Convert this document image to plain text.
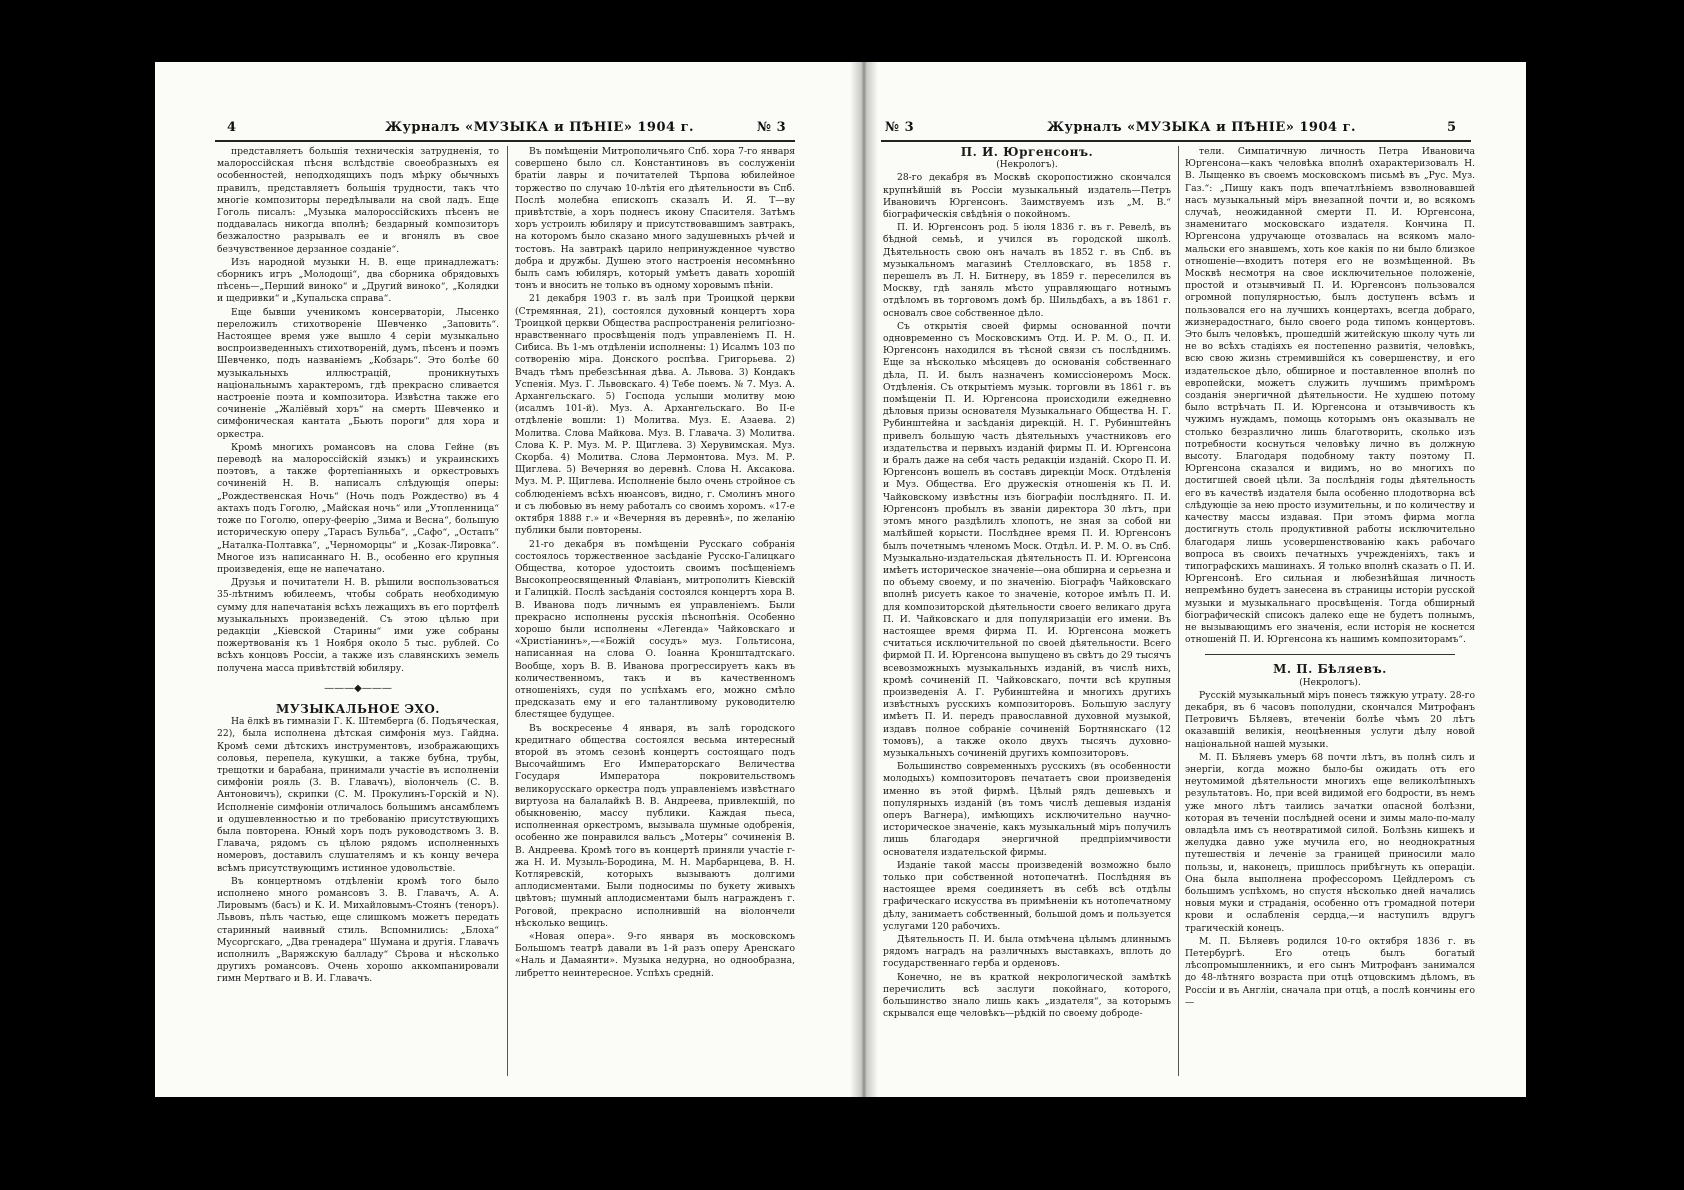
4	Журналъ «МУЗЫКА и ПѢНІЕ» 1904 г.	№ 3

представляетъ большія техническія затрудненія, то малороссійская пѣсня вслѣдствіе своеобразныхъ ея особенностей, неподходящихъ подъ мѣрку обычныхъ правилъ, представляетъ большія трудности, такъ что многіе композиторы передѣлывали на свой ладъ. Еще Гоголь писалъ: „Музыка малороссійскихъ пѣсенъ не поддавалась никогда вполнѣ; бездарный композиторъ безжалостно разрывалъ ее и вгонялъ въ свое безчувственное дерзанное созданіе“.

Изъ народной музыки Н. В. еще принадлежатъ: сборникъ игръ „Молодощі“, два сборника обрядовыхъ пѣсень—„Перший виноко“ и „Другий виноко“, „Колядки и щедривки“ и „Купальска справа“.

Еще бывши ученикомъ консерваторіи, Лысенко переложилъ стихотвореніе Шевченко „Заповить“. Настоящее время уже вышло 4 серіи музыкально воспроизведенныхъ стихотвореній, думъ, пѣсенъ и поэмъ Шевченко, подъ названіемъ „Кобзарь“. Это болѣе 60 музыкальныхъ иллюстрацій, проникнутыхъ національнымъ характеромъ, гдѣ прекрасно сливается настроеніе поэта и композитора. Извѣстна также его сочиненіе „Жаліёвый хоръ“ на смерть Шевченко и симфоническая кантата „Бьють пороги“ для хора и оркестра.

Кромѣ многихъ романсовъ на слова Гейне (въ переводѣ на малороссійскій языкъ) и украинскихъ поэтовъ, а также фортепіанныхъ и оркестровыхъ сочиненій Н. В. написалъ слѣдующія оперы: „Рождественская Ночь“ (Ночь подъ Рождество) въ 4 актахъ подъ Гоголю, „Майская ночь“ или „Утопленница“ тоже по Гоголю, оперу-феерію „Зима и Весна“, большую историческую оперу „Тарасъ Бульба“, „Сафо“, „Остапъ“ „Наталка-Полтавка“, „Черноморцы“ и „Козак-Лировка“. Многое изъ написаннаго Н. В., особенно его крупныя произведенія, еще не напечатано.

Друзья и почитатели Н. В. рѣшили воспользоваться 35-лѣтнимъ юбилеемъ, чтобы собрать необходимую сумму для напечатанія всѣхъ лежащихъ въ его портфелѣ музыкальныхъ произведеній. Съ этою цѣлью при редакціи „Кіевской Старины“ ими уже собраны пожертвованія къ 1 Ноября около 5 тыс. рублей. Со всѣхъ концовъ Россіи, а также изъ славянскихъ земель получена масса привѣтствій юбиляру.

———◆———

МУЗЫКАЛЬНОЕ ЭХО.

На ёлкѣ въ гимназіи Г. К. Штемберга (б. Подъяческая, 22), была исполнена дѣтская симфонія муз. Гайдна. Кромѣ семи дѣтскихъ инструментовъ, изображающихъ соловья, перепела, кукушки, а также бубна, трубы, трещотки и барабана, принимали участіе въ исполненіи симфоніи рояль (З. В. Главачъ), віолончель (С. В. Антоновичъ), скрипки (С. М. Прокулинъ-Горскій и N). Исполненіе симфоніи отличалось большимъ ансамблемъ и одушевленностью и по требованію присутствующихъ была повторена. Юный хоръ подъ руководствомъ З. В. Главача, рядомъ съ цѣлою рядомъ исполненныхъ номеровъ, доставилъ слушателямъ и къ концу вечера всѣмъ присутствующимъ истинное удовольствіе.

Въ концертномъ отдѣленіи кромѣ того было исполнено много романсовъ З. В. Главачъ, А. А. Лировымъ (басъ) и К. И. Михайловымъ-Стоянъ (теноръ). Львовъ, пѣлъ частью, еще слишкомъ можетъ передать старинный наивный стиль. Вспомнились: „Блоха“ Мусоргскаго, „Два гренадера“ Шумана и другія. Главачъ исполнилъ „Варяжскую балладу“ Сѣрова и нѣсколько другихъ романсовъ. Очень хорошо аккомпанировали гимн Мертваго и В. И. Главачъ.

Въ помѣщеніи Митрополичьяго Спб. хора 7-го января совершено было сл. Константиновъ въ сослуженіи братіи лавры и почитателей Тѣрпова юбилейное торжество по случаю 10-лѣтія его дѣятельности въ Спб. Послѣ молебна епископъ сказалъ И. Я. Т—ву привѣтствіе, а хоръ поднесъ икону Спасителя. Затѣмъ хоръ устроилъ юбиляру и присутствовавшимъ завтракъ, на которомъ было сказано много задушевныхъ рѣчей и тостовъ. На завтракѣ царило непринужденное чувство добра и дружбы. Душею этого настроенія несомнѣнно былъ самъ юбиляръ, который умѣетъ давать хорошій тонъ и вносить не только въ одному хоровымъ пѣніи.

21 декабря 1903 г. въ залѣ при Троицкой церкви (Стремянная, 21), состоялся духовный концертъ хора Троицкой церкви Общества распространенія религіозно-нравственнаго просвѣщенія подъ управленіемъ П. Н. Сибиса. Въ 1-мъ отдѣленіи исполнены: 1) Исалмъ 103 по сотворенію міра. Донского роспѣва. Григорьева. 2) Вчадъ тѣмъ пребезсѣнная дѣва. А. Львова. 3) Кондакъ Успенія. Муз. Г. Львовскаго. 4) Тебе поемъ. № 7. Муз. А. Архангельскаго. 5) Господа услыши молитву мою (исалмъ 101-й). Муз. А. Архангельскаго. Во II-е отдѣленіе вошли: 1) Молитва. Муз. Е. Азаева. 2) Молитва. Слова Майкова. Муз. В. Главача. 3) Молитва. Слова К. Р. Муз. М. Р. Щиглева. 3) Херувимская. Муз. Скорба. 4) Молитва. Слова Лермонтова. Муз. М. Р. Щиглева. 5) Вечерняя во деревнѣ. Слова Н. Аксакова. Муз. М. Р. Щиглева. Исполненіе было очень стройное съ соблюденіемъ всѣхъ нюансовъ, видно, г. Смолинъ много и съ любовью въ нему работалъ со своимъ хоромъ. «17-е октября 1888 г.» и «Вечерняя въ деревнѣ», по желанію публики были повторены.

21-го декабря въ помѣщеніи Русскаго собранія состоялось торжественное засѣданіе Русско-Галицкаго Общества, которое удостоить своимъ посѣщеніемъ Высокопреосвященный Флавіанъ, митрополитъ Кіевскій и Галицкій. Послѣ засѣданія состоялся концертъ хора В. В. Иванова подъ личнымъ ея управленіемъ. Были прекрасно исполнены русскія пѣснопѣнія. Особенно хорошо были исполнены «Легенда» Чайковскаго и «Христіанинъ»,—«Божій сосудъ» муз. Гольтисона, написанная на слова О. Іоанна Кронштадтскаго. Вообще, хоръ В. В. Иванова прогрессируетъ какъ въ количественномъ, такъ и въ качественномъ отношеніяхъ, судя по успѣхамъ его, можно смѣло предсказать ему и его талантливому руководителю блестящее будущее.

Въ воскресенье 4 января, въ залѣ городского кредитнаго общества состоялся весьма интересный второй въ этомъ сезонѣ концертъ состоящаго подъ Высочайшимъ Его Императорскаго Величества Государя Императора покровительствомъ великорусскаго оркестра подъ управленіемъ извѣстнаго виртуоза на балалайкѣ В. В. Андреева, привлекшій, по обыкновенію, массу публики. Каждая пьеса, исполненная оркестромъ, вызывала шумные одобренія, особенно же понравился вальсъ „Мотеры“ сочиненія В. В. Андреева. Кромѣ того въ концертѣ приняли участіе г-жа Н. И. Музыль-Бородина, М. Н. Марбарнцева, В. Н. Котляревскій, которыхъ вызываютъ долгими аплодисментами. Были подносимы по букету живыхъ цвѣтовъ; шумный аплодисментами былъ награжденъ г. Роговой, прекрасно исполнившій на віолончели нѣсколько вещицъ.

«Новая опера». 9-го января въ московскомъ Большомъ театрѣ давали въ 1-й разъ оперу Аренскаго «Наль и Дамаянти». Музыка недурна, но однообразна, либретто неинтересное. Успѣхъ средній.

№ 3	Журналъ «МУЗЫКА и ПѢНІЕ» 1904 г.	5

П. И. Юргенсонъ.

(Некрологъ).

28-го декабря въ Москвѣ скоропостижно скончался крупнѣйшій въ Россіи музыкальный издатель—Петръ Ивановичъ Юргенсонъ. Заимствуемъ изъ „М. В.“ біографическія свѣдѣнія о покойномъ.

П. И. Юргенсонъ род. 5 іюля 1836 г. въ г. Ревелѣ, въ бѣдной семьѣ, и учился въ городской школѣ. Дѣятельность свою онъ началъ въ 1852 г. въ Спб. въ музыкальномъ магазинѣ Стелловскаго, въ 1858 г. перешелъ въ Л. Н. Битнеру, въ 1859 г. переселился въ Москву, гдѣ заняль мѣсто управляющаго нотнымъ отдѣломъ въ торговомъ домѣ бр. Шильдбахъ, а въ 1861 г. основалъ свое собственное дѣло.

Съ открытія своей фирмы основанной почти одновременно съ Московскимъ Отд. И. Р. М. О., П. И. Юргенсонъ находился въ тѣсной связи съ послѣднимъ. Еще за нѣсколько мѣсяцевъ до основанія собственнаго дѣла, П. И. былъ назначенъ комиссіонеромъ Моск. Отдѣленія. Съ открытіемъ музык. торговли въ 1861 г. въ помѣщеніи П. И. Юргенсона происходили ежедневно дѣловыя призы основателя Музыкальнаго Общества Н. Г. Рубинштейна и засѣданія дирекцій. Н. Г. Рубинштейнъ привелъ большую часть дѣятельныхъ участниковъ его издательства и первыхъ изданій фирмы П. И. Юргенсона и бралъ даже на себя часть редакціи изданій. Скоро П. И. Юргенсонъ вошелъ въ составъ дирекціи Моск. Отдѣленія и Муз. Общества. Его дружескія отношенія къ П. И. Чайковскому извѣстны изъ біографіи послѣдняго. П. И. Юргенсонъ пробылъ въ званіи директора 30 лѣтъ, при этомъ много раздѣлилъ хлопотъ, не зная за собой ни малѣйшей корысти. Послѣднее время П. И. Юргенсонъ былъ почетнымъ членомъ Моск. Отдѣл. И. Р. М. О. въ Спб. Музыкально-издательская дѣятельность П. И. Юргенсона имѣетъ историческое значеніе—она обширна и серьезна и по объему своему, и по значенію. Біографъ Чайковскаго вполнѣ рисуетъ какое то значеніе, которое имѣлъ П. И. для композиторской дѣятельности своего великаго друга П. И. Чайковскаго и для популяризаціи его имени. Въ настоящее время фирма П. И. Юргенсона можетъ считаться исключительной по своей дѣятельности. Всего фирмой П. И. Юргенсона выпущено въ свѣтъ до 29 тысячъ всевозможныхъ музыкальныхъ изданій, въ числѣ нихъ, кромѣ сочиненій П. Чайковскаго, почти всѣ крупныя произведенія А. Г. Рубинштейна и многихъ другихъ извѣстныхъ русскихъ композиторовъ. Большую заслугу имѣетъ П. И. передъ православной духовной музыкой, издавъ полное собраніе сочиненій Бортнянскаго (12 томовъ), а также около двухъ тысячъ духовно-музыкальныхъ сочиненій другихъ композиторовъ.

Большинство современныхъ русскихъ (въ особенности молодыхъ) композиторовъ печатаетъ свои произведенія именно въ этой фирмѣ. Цѣлый рядъ дешевыхъ и популярныхъ изданій (въ томъ числѣ дешевыя изданія оперъ Вагнера), имѣющихъ исключительно научно-историческое значеніе, какъ музыкальный міръ получилъ лишь благодаря энергичной предпріимчивости основателя издательской фирмы.

Изданіе такой массы произведеній возможно было только при собственной нотопечатнѣ. Послѣдняя въ настоящее время соединяетъ въ себѣ всѣ отдѣлы графическаго искусства въ примѣненіи къ нотопечатному дѣлу, занимаетъ собственный, большой домъ и пользуется услугами 120 рабочихъ.

Дѣятельность П. И. была отмѣчена цѣлымъ длиннымъ рядомъ наградъ на различныхъ выставкахъ, вплоть до государственнаго герба и орденовъ.

Конечно, не въ краткой некрологической замѣткѣ перечислить всѣ заслуги покойнаго, которого, большинство знало лишь какъ „издателя“, за которымъ скрывался еще человѣкъ—рѣдкій по своему доброде-

тели. Симпатичную личность Петра Ивановича Юргенсона—какъ человѣка вполнѣ охарактеризовалъ Н. В. Лыщенко въ своемъ московскомъ письмѣ въ „Рус. Муз. Газ.“: „Пишу какъ подъ впечатлѣніемъ взволновавшей насъ музыкальный міръ внезапной почти и, во всякомъ случаѣ, неожиданной смерти П. И. Юргенсона, знаменитаго московскаго издателя. Кончина П. Юргенсона удручающе отозвалась на всякомъ мало-мальски его знавшемъ, хоть кое какія по ни было близкое отношеніе—входитъ потеря его не возмѣщенной. Въ Москвѣ несмотря на свое исключительное положеніе, простой и отзывчивый П. И. Юргенсонъ пользовался огромной популярностью, былъ доступенъ всѣмъ и пользовался его на лучшихъ концертахъ, всегда добраго, жизнерадостнаго, было своего рода типомъ концертовъ. Это былъ человѣкъ, прошедшій житейскую школу чуть ли не во всѣхъ стадіяхъ ея постепенно развитія, человѣкъ, всю свою жизнь стремившійся къ совершенству, и его издательское дѣло, обширное и поставленное вполнѣ по европейски, можетъ служить лучшимъ примѣромъ созданія энергичной дѣятельности. Не худшею потому было встрѣчать П. И. Юргенсона и отзывчивость къ чужимъ нуждамъ, помощь которымъ онъ оказывалъ не столько безразлично лишь благотворить, сколько изъ потребности коснуться человѣку лично въ должную высоту. Благодаря подобному такту поэтому П. Юргенсона сказался и видимъ, но во многихъ по достигшей своей цѣли. За послѣднія годы дѣятельность его въ качествѣ издателя была особенно плодотворна всѣ слѣдующіе за нею просто изумительны, и по количеству и качеству массы издавая. При этомъ фирма могла достигнуть столь продуктивной работы исключительно благодаря лишь усовершенствованію какъ рабочаго вопроса въ своихъ печатныхъ учрежденіяхъ, такъ и типографскихъ машинахъ. Я только вполнѣ сказать о П. И. Юргенсонѣ. Его сильная и любезнѣйшая личность непремѣнно будетъ занесена въ страницы исторіи русской музыки и музыкальнаго просвѣщенія. Тогда обширный біографическій списокъ далеко еще не будетъ полнымъ, не вызывающимъ его значенія, если исторія не коснется отношеній П. И. Юргенсона къ нашимъ композиторамъ“.

М. П. Бѣляевъ.

(Некрологъ).

Русскій музыкальный міръ понесъ тяжкую утрату. 28-го декабря, въ 6 часовъ пополудни, скончался Митрофанъ Петровичъ Бѣляевъ, втеченіи болѣе чѣмъ 20 лѣтъ оказавшій великія, неоцѣненныя услуги дѣлу новой національной нашей музыки.

М. П. Бѣляевъ умеръ 68 почти лѣтъ, въ полнѣ силъ и энергіи, когда можно было-бы ожидать отъ его неутомимой дѣятельности многихъ еще великолѣпныхъ результатовъ. Но, при всей видимой его бодрости, въ немъ уже много лѣтъ таились зачатки опасной болѣзни, которая въ теченіи послѣдней осени и зимы мало-по-малу овладѣла имъ съ неотвратимой силой. Болѣзнь кишекъ и желудка давно уже мучила его, но неоднократныя путешествія и леченіе за границей приносили мало пользы, и, наконецъ, пришлось прибѣгнуть къ операціи. Она была выполнена профессоромъ Цейдлеромъ съ большимъ успѣхомъ, но спустя нѣсколько дней начались новыя муки и страданія, особенно отъ громадной потери крови и ослабленія сердца,—и наступилъ вдругъ трагическій конецъ.

М. П. Бѣляевъ родился 10-го октября 1836 г. въ Петербургѣ. Его отецъ былъ богатый лѣсопромышленникъ, и его сынъ Митрофанъ занимался до 48-лѣтняго возраста при отцѣ отцовскимъ дѣломъ, въ Россіи и въ Англіи, сначала при отцѣ, а послѣ кончины его—
